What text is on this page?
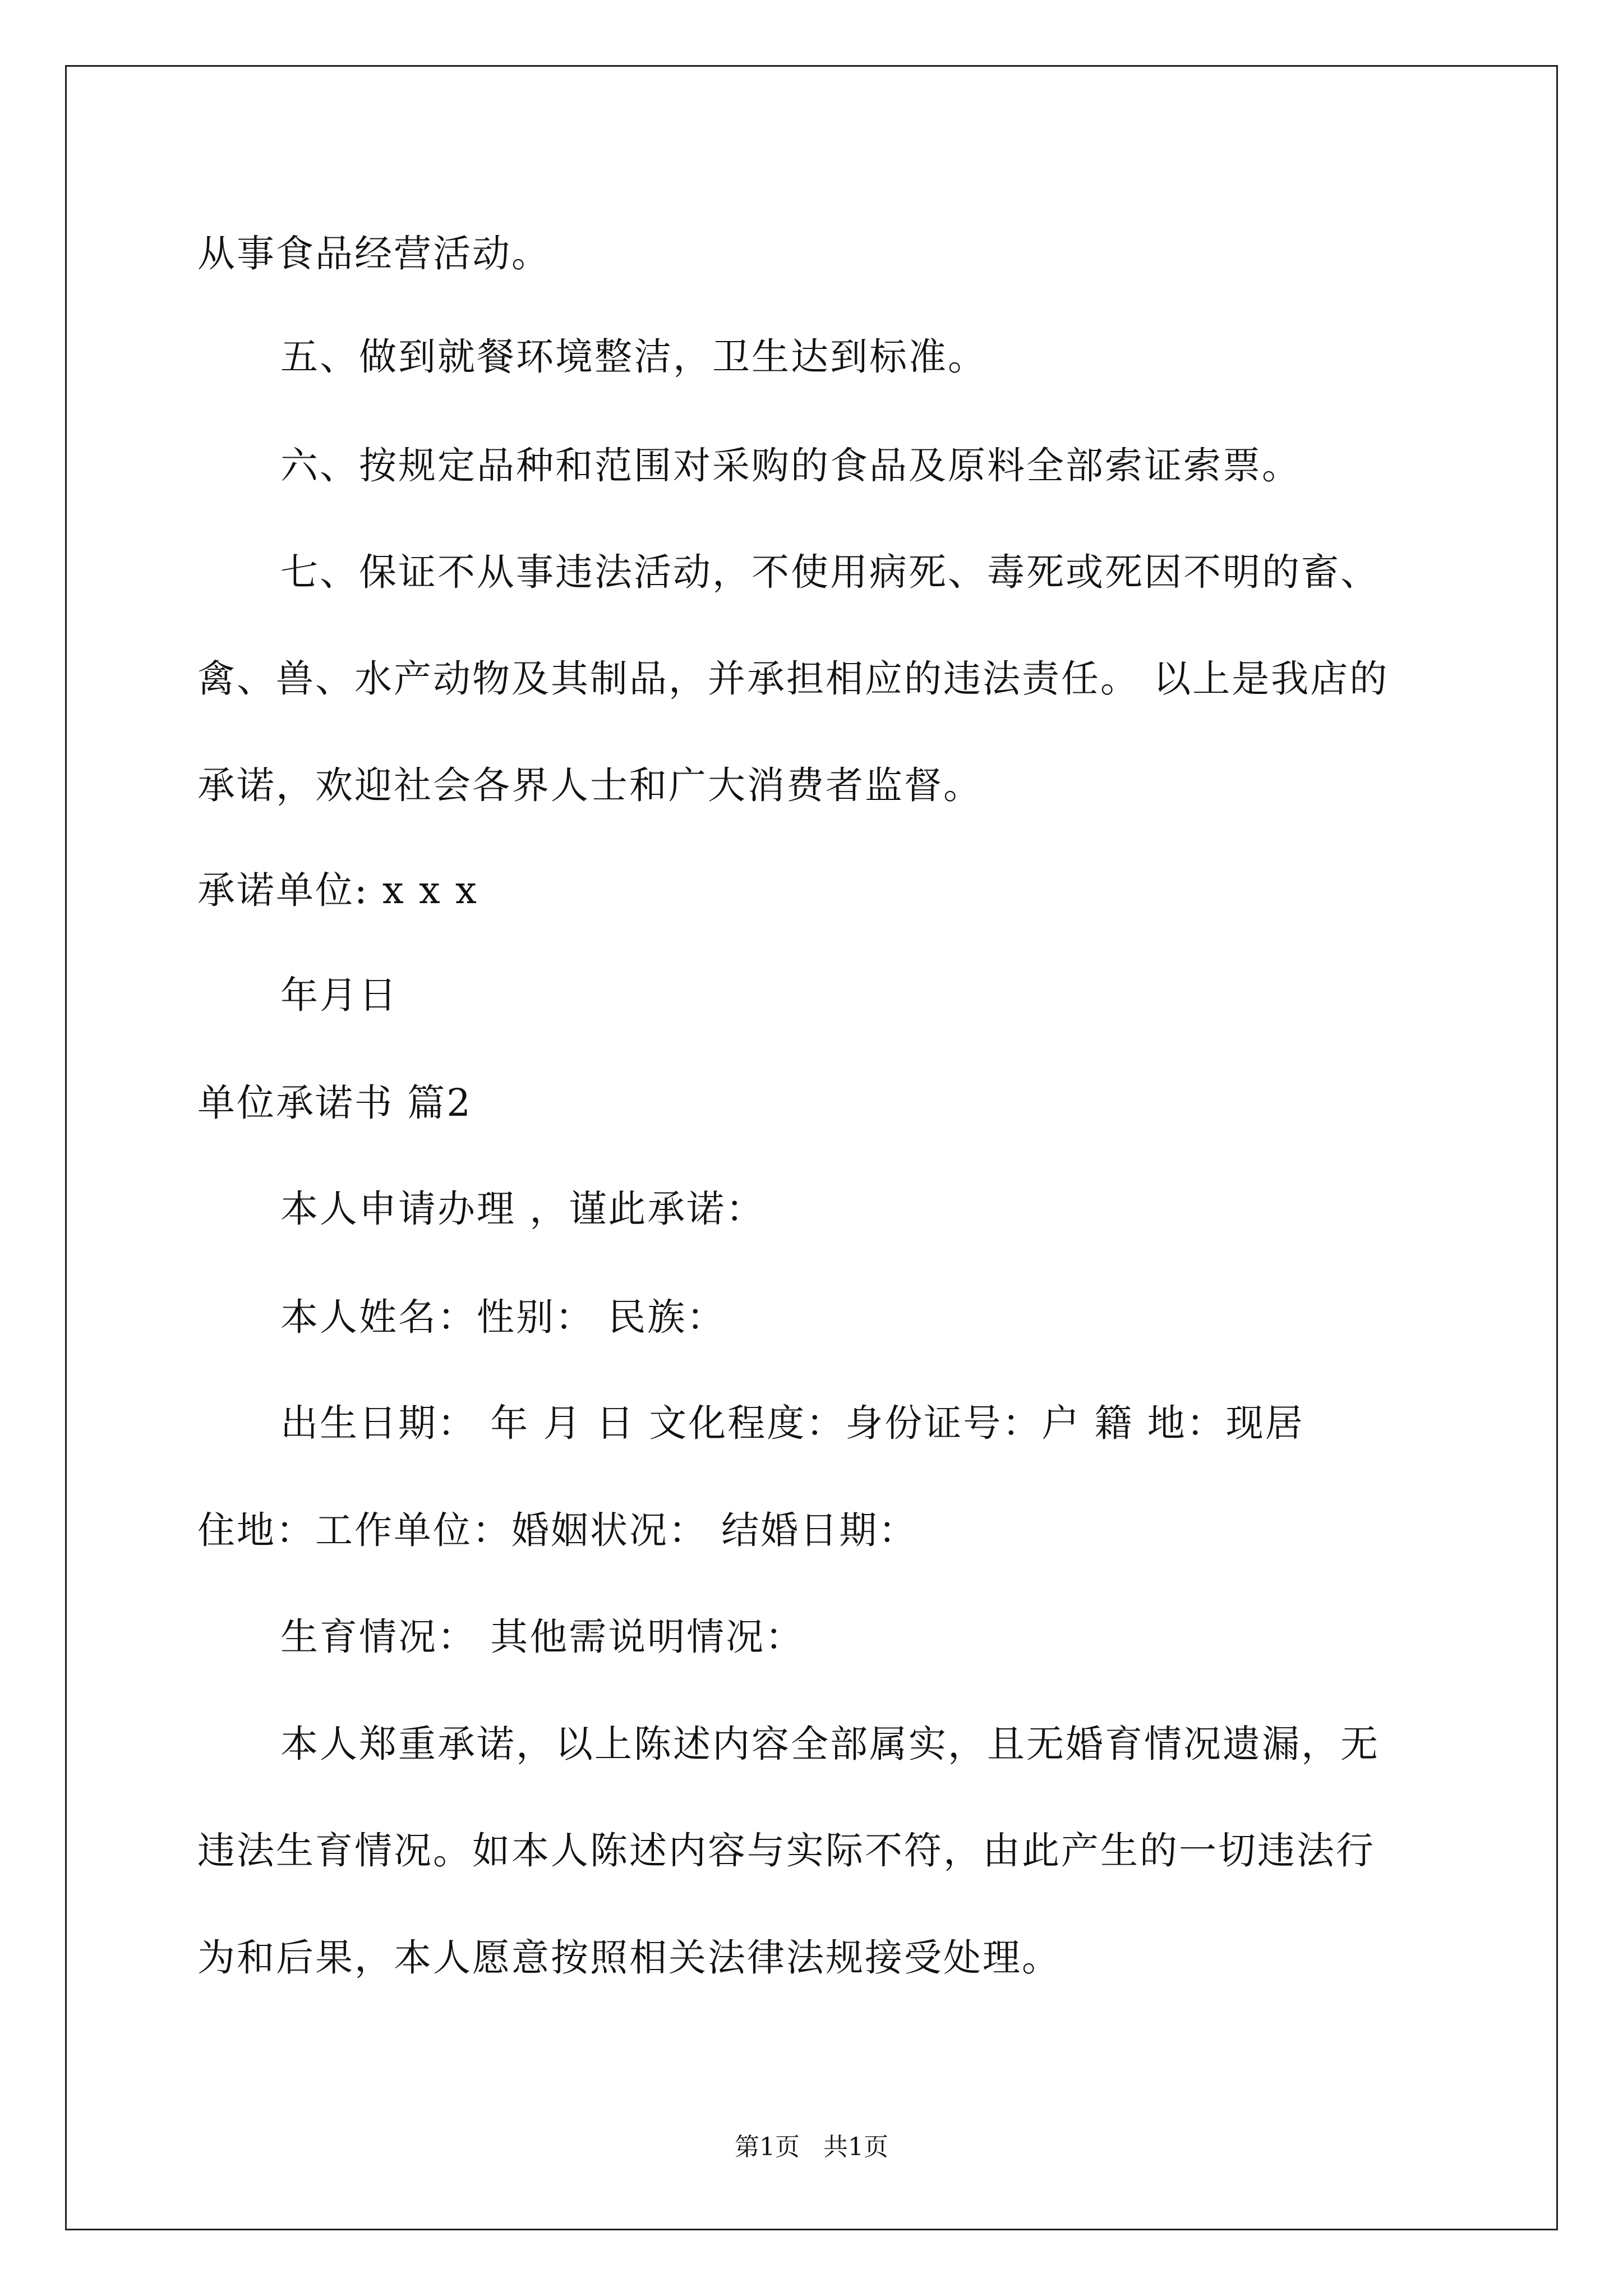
从事食品经营活动。
五、做到就餐环境整洁，卫生达到标准。
六、按规定品种和范围对采购的食品及原料全部索证索票。
七、保证不从事违法活动，不使用病死、毒死或死因不明的畜、
禽、兽、水产动物及其制品，并承担相应的违法责任。 以上是我店的
承诺，欢迎社会各界人士和广大消费者监督。
承诺单位: x x x
年月日
单位承诺书 篇2
本人申请办理 ，谨此承诺：
本人姓名：性别： 民族：
出生日期： 年 月 日 文化程度：身份证号：户 籍 地：现居
住地：工作单位：婚姻状况： 结婚日期：
生育情况： 其他需说明情况：
本人郑重承诺，以上陈述内容全部属实，且无婚育情况遗漏，无
违法生育情况。如本人陈述内容与实际不符，由此产生的一切违法行
为和后果，本人愿意按照相关法律法规接受处理。
第1页   共1页
